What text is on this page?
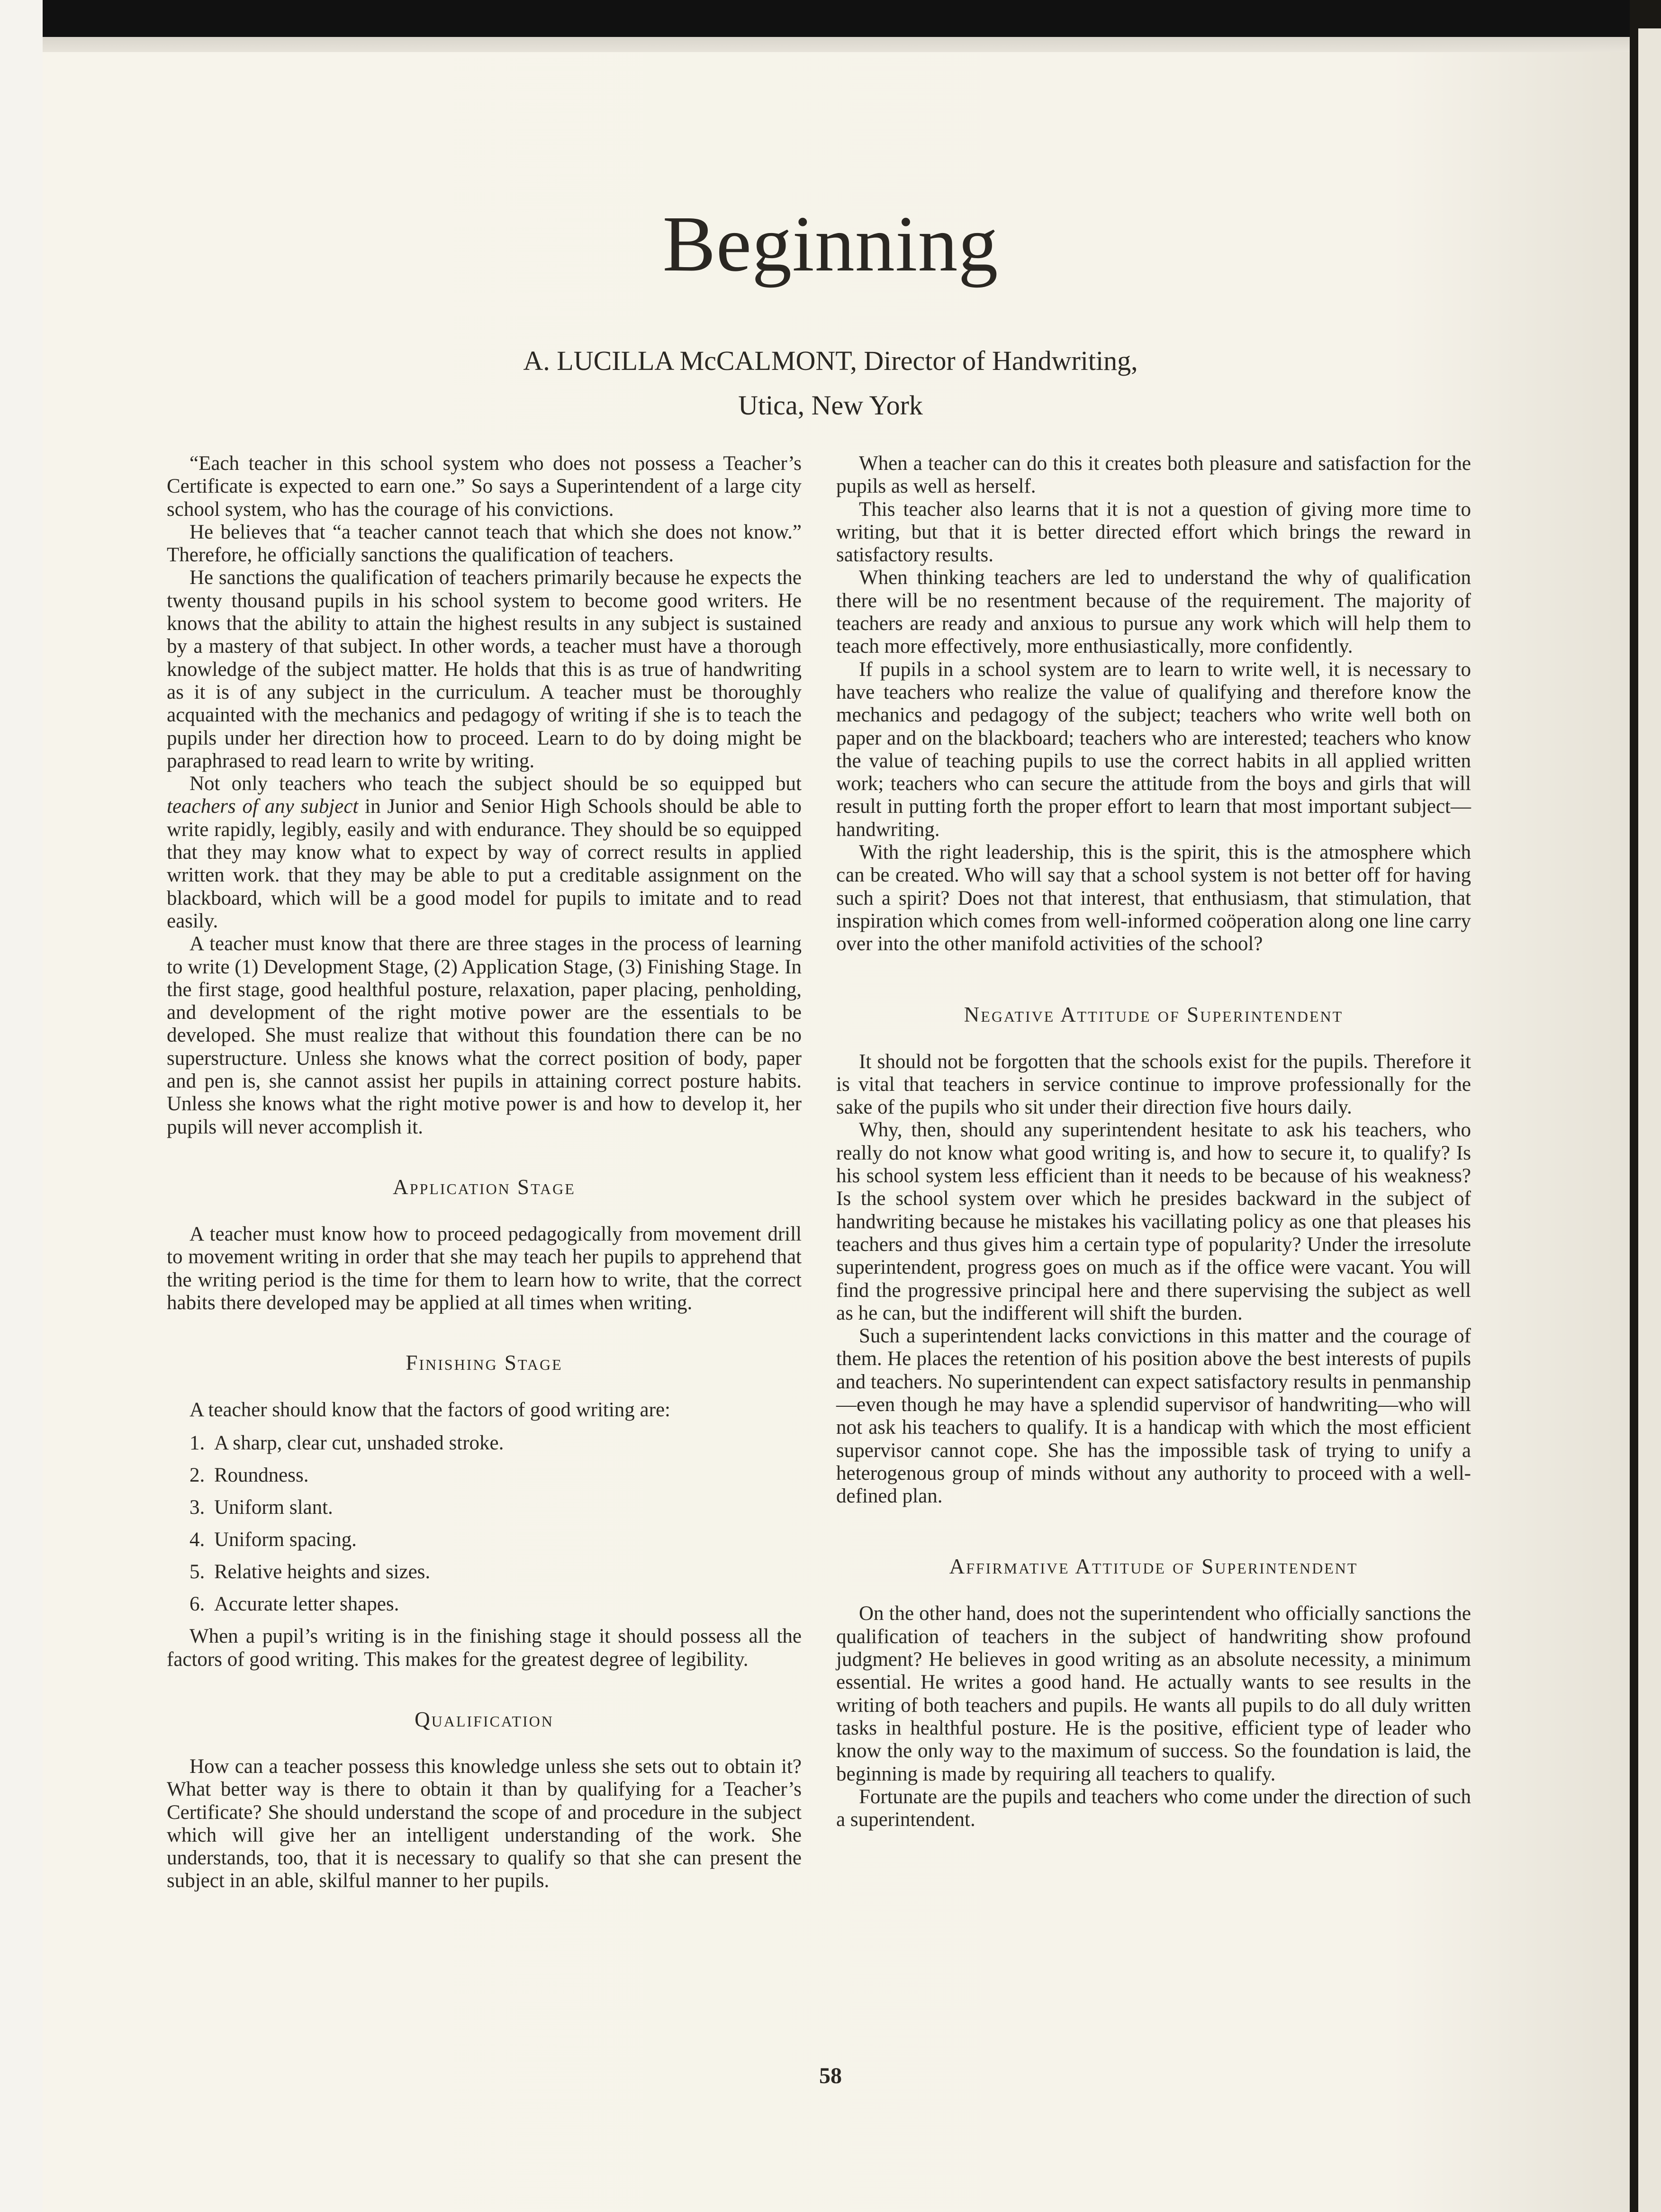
Beginning
A. LUCILLA McCALMONT, Director of Handwriting,
Utica, New York

“Each teacher in this school system who does not possess a Teacher’s Certificate is expected to earn one.” So says a Superintendent of a large city school system, who has the courage of his convictions.

He believes that “a teacher cannot teach that which she does not know.” Therefore, he officially sanctions the qualification of teachers.

He sanctions the qualification of teachers primarily because he expects the twenty thousand pupils in his school system to become good writers. He knows that the ability to attain the highest results in any subject is sustained by a mastery of that subject. In other words, a teacher must have a thorough knowledge of the subject matter. He holds that this is as true of handwriting as it is of any subject in the curriculum. A teacher must be thoroughly acquainted with the mechanics and pedagogy of writing if she is to teach the pupils under her direction how to proceed. Learn to do by doing might be paraphrased to read learn to write by writing.

Not only teachers who teach the subject should be so equipped but teachers of any subject in Junior and Senior High Schools should be able to write rapidly, legibly, easily and with endurance. They should be so equipped that they may know what to expect by way of correct results in applied written work. that they may be able to put a creditable assignment on the blackboard, which will be a good model for pupils to imitate and to read easily.

A teacher must know that there are three stages in the process of learning to write (1) Development Stage, (2) Application Stage, (3) Finishing Stage. In the first stage, good healthful posture, relaxation, paper placing, penholding, and development of the right motive power are the essentials to be developed. She must realize that without this foundation there can be no superstructure. Unless she knows what the correct position of body, paper and pen is, she cannot assist her pupils in attaining correct posture habits. Unless she knows what the right motive power is and how to develop it, her pupils will never accomplish it.

Application Stage

A teacher must know how to proceed pedagogically from movement drill to movement writing in order that she may teach her pupils to apprehend that the writing period is the time for them to learn how to write, that the correct habits there developed may be applied at all times when writing.

Finishing Stage

A teacher should know that the factors of good writing are:

1. A sharp, clear cut, unshaded stroke.
2. Roundness.
3. Uniform slant.
4. Uniform spacing.
5. Relative heights and sizes.
6. Accurate letter shapes.

When a pupil’s writing is in the finishing stage it should possess all the factors of good writing. This makes for the greatest degree of legibility.

Qualification

How can a teacher possess this knowledge unless she sets out to obtain it? What better way is there to obtain it than by qualifying for a Teacher’s Certificate? She should understand the scope of and procedure in the subject which will give her an intelligent understanding of the work. She understands, too, that it is necessary to qualify so that she can present the subject in an able, skilful manner to her pupils.

When a teacher can do this it creates both pleasure and satisfaction for the pupils as well as herself.

This teacher also learns that it is not a question of giving more time to writing, but that it is better directed effort which brings the reward in satisfactory results.

When thinking teachers are led to understand the why of qualification there will be no resentment because of the requirement. The majority of teachers are ready and anxious to pursue any work which will help them to teach more effectively, more enthusiastically, more confidently.

If pupils in a school system are to learn to write well, it is necessary to have teachers who realize the value of qualifying and therefore know the mechanics and pedagogy of the subject; teachers who write well both on paper and on the blackboard; teachers who are interested; teachers who know the value of teaching pupils to use the correct habits in all applied written work; teachers who can secure the attitude from the boys and girls that will result in putting forth the proper effort to learn that most important subject—handwriting.

With the right leadership, this is the spirit, this is the atmosphere which can be created. Who will say that a school system is not better off for having such a spirit? Does not that interest, that enthusiasm, that stimulation, that inspiration which comes from well-informed coöperation along one line carry over into the other manifold activities of the school?

Negative Attitude of Superintendent

It should not be forgotten that the schools exist for the pupils. Therefore it is vital that teachers in service continue to improve professionally for the sake of the pupils who sit under their direction five hours daily.

Why, then, should any superintendent hesitate to ask his teachers, who really do not know what good writing is, and how to secure it, to qualify? Is his school system less efficient than it needs to be because of his weakness? Is the school system over which he presides backward in the subject of handwriting because he mistakes his vacillating policy as one that pleases his teachers and thus gives him a certain type of popularity? Under the irresolute superintendent, progress goes on much as if the office were vacant. You will find the progressive principal here and there supervising the subject as well as he can, but the indifferent will shift the burden.

Such a superintendent lacks convictions in this matter and the courage of them. He places the retention of his position above the best interests of pupils and teachers. No superintendent can expect satisfactory results in penmanship—even though he may have a splendid supervisor of handwriting—who will not ask his teachers to qualify. It is a handicap with which the most efficient supervisor cannot cope. She has the impossible task of trying to unify a heterogenous group of minds without any authority to proceed with a well-defined plan.

Affirmative Attitude of Superintendent

On the other hand, does not the superintendent who officially sanctions the qualification of teachers in the subject of handwriting show profound judgment? He believes in good writing as an absolute necessity, a minimum essential. He writes a good hand. He actually wants to see results in the writing of both teachers and pupils. He wants all pupils to do all duly written tasks in healthful posture. He is the positive, efficient type of leader who know the only way to the maximum of success. So the foundation is laid, the beginning is made by requiring all teachers to qualify.

Fortunate are the pupils and teachers who come under the direction of such a superintendent.

58
